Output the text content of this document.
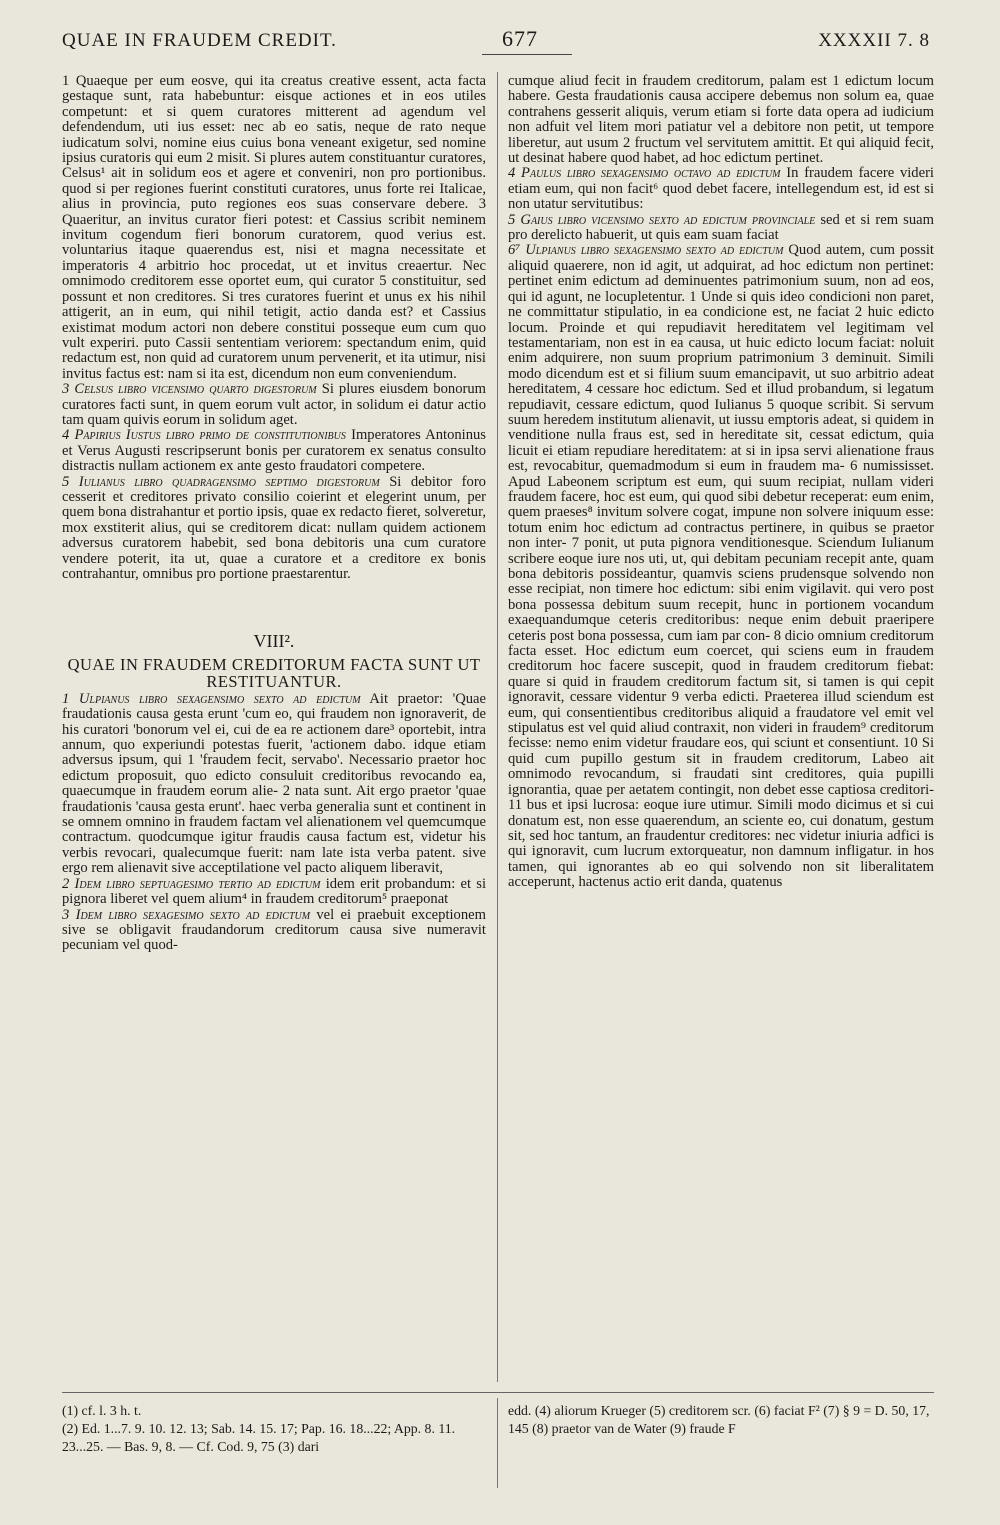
QUAE IN FRAUDEM CREDIT.	677	XXXXII 7. 8

1 Quaeque per eum eosve, qui ita creatus creative essent, acta facta gestaque sunt, rata habebuntur: eisque actiones et in eos utiles competunt: et si quem curatores mitterent ad agendum vel defendendum, uti ius esset: nec ab eo satis, neque de rato neque iudicatum solvi, nomine eius cuius bona veneant exigetur, sed nomine ipsius curatoris qui eum 2 misit. Si plures autem constituantur curatores, Celsus¹ ait in solidum eos et agere et conveniri, non pro portionibus. quod si per regiones fuerint constituti curatores, unus forte rei Italicae, alius in provincia, puto regiones eos suas conservare debere. 3 Quaeritur, an invitus curator fieri potest: et Cassius scribit neminem invitum cogendum fieri bonorum curatorem, quod verius est. voluntarius itaque quaerendus est, nisi et magna necessitate et imperatoris 4 arbitrio hoc procedat, ut et invitus creaertur. Nec omnimodo creditorem esse oportet eum, qui curator 5 constituitur, sed possunt et non creditores. Si tres curatores fuerint et unus ex his nihil attigerit, an in eum, qui nihil tetigit, actio danda est? et Cassius existimat modum actori non debere constitui posseque eum cum quo vult experiri. puto Cassii sententiam veriorem: spectandum enim, quid redactum est, non quid ad curatorem unum pervenerit, et ita utimur, nisi invitus factus est: nam si ita est, dicendum non eum conveniendum.

3 Celsus libro vicensimo quarto digestorum Si plures eiusdem bonorum curatores facti sunt, in quem eorum vult actor, in solidum ei datur actio tam quam quivis eorum in solidum aget.

4 Papirius Iustus libro primo de constitutionibus Imperatores Antoninus et Verus Augusti rescripserunt bonis per curatorem ex senatus consulto distractis nullam actionem ex ante gesto fraudatori competere.

5 Iulianus libro quadragensimo septimo digestorum Si debitor foro cesserit et creditores privato consilio coierint et elegerint unum, per quem bona distrahantur et portio ipsis, quae ex redacto fieret, solveretur, mox exstiterit alius, qui se creditorem dicat: nullam quidem actionem adversus curatorem habebit, sed bona debitoris una cum curatore vendere poterit, ita ut, quae a curatore et a creditore ex bonis contrahantur, omnibus pro portione praestarentur.

VIII².
QUAE IN FRAUDEM CREDITORUM FACTA SUNT UT RESTITUANTUR.

1 Ulpianus libro sexagensimo sexto ad edictum Ait praetor: 'Quae fraudationis causa gesta erunt 'cum eo, qui fraudem non ignoraverit, de his curatori 'bonorum vel ei, cui de ea re actionem dare³ oportebit, intra annum, quo experiundi potestas fuerit, 'actionem dabo. idque etiam adversus ipsum, qui 1 'fraudem fecit, servabo'. Necessario praetor hoc edictum proposuit, quo edicto consuluit creditoribus revocando ea, quaecumque in fraudem eorum alie- 2 nata sunt. Ait ergo praetor 'quae fraudationis 'causa gesta erunt'. haec verba generalia sunt et continent in se omnem omnino in fraudem factam vel alienationem vel quemcumque contractum. quodcumque igitur fraudis causa factum est, videtur his verbis revocari, qualecumque fuerit: nam late ista verba patent. sive ergo rem alienavit sive acceptilatione vel pacto aliquem liberavit,

2 Idem libro septuagesimo tertio ad edictum idem erit probandum: et si pignora liberet vel quem alium⁴ in fraudem creditorum⁵ praeponat

3 Idem libro sexagesimo sexto ad edictum vel ei praebuit exceptionem sive se obligavit fraudandorum creditorum causa sive numeravit pecuniam vel quod-

cumque aliud fecit in fraudem creditorum, palam est 1 edictum locum habere. Gesta fraudationis causa accipere debemus non solum ea, quae contrahens gesserit aliquis, verum etiam si forte data opera ad iudicium non adfuit vel litem mori patiatur vel a debitore non petit, ut tempore liberetur, aut usum 2 fructum vel servitutem amittit. Et qui aliquid fecit, ut desinat habere quod habet, ad hoc edictum pertinet.

4 Paulus libro sexagensimo octavo ad edictum In fraudem facere videri etiam eum, qui non facit⁶ quod debet facere, intellegendum est, id est si non utatur servitutibus:

5 Gaius libro vicensimo sexto ad edictum provinciale sed et si rem suam pro derelicto habuerit, ut quis eam suam faciat

6⁷ Ulpianus libro sexagensimo sexto ad edictum Quod autem, cum possit aliquid quaerere, non id agit, ut adquirat, ad hoc edictum non pertinet: pertinet enim edictum ad deminuentes patrimonium suum, non ad eos, qui id agunt, ne locupletentur. 1 Unde si quis ideo condicioni non paret, ne committatur stipulatio, in ea condicione est, ne faciat 2 huic edicto locum. Proinde et qui repudiavit hereditatem vel legitimam vel testamentariam, non est in ea causa, ut huic edicto locum faciat: noluit enim adquirere, non suum proprium patrimonium 3 deminuit. Simili modo dicendum est et si filium suum emancipavit, ut suo arbitrio adeat hereditatem, 4 cessare hoc edictum. Sed et illud probandum, si legatum repudiavit, cessare edictum, quod Iulianus 5 quoque scribit. Si servum suum heredem institutum alienavit, ut iussu emptoris adeat, si quidem in venditione nulla fraus est, sed in hereditate sit, cessat edictum, quia licuit ei etiam repudiare hereditatem: at si in ipsa servi alienatione fraus est, revocabitur, quemadmodum si eum in fraudem ma- 6 numississet. Apud Labeonem scriptum est eum, qui suum recipiat, nullam videri fraudem facere, hoc est eum, qui quod sibi debetur receperat: eum enim, quem praeses⁸ invitum solvere cogat, impune non solvere iniquum esse: totum enim hoc edictum ad contractus pertinere, in quibus se praetor non inter- 7 ponit, ut puta pignora venditionesque. Sciendum Iulianum scribere eoque iure nos uti, ut, qui debitam pecuniam recepit ante, quam bona debitoris possideantur, quamvis sciens prudensque solvendo non esse recipiat, non timere hoc edictum: sibi enim vigilavit. qui vero post bona possessa debitum suum recepit, hunc in portionem vocandum exaequandumque ceteris creditoribus: neque enim debuit praeripere ceteris post bona possessa, cum iam par con- 8 dicio omnium creditorum facta esset. Hoc edictum eum coercet, qui sciens eum in fraudem creditorum hoc facere suscepit, quod in fraudem creditorum fiebat: quare si quid in fraudem creditorum factum sit, si tamen is qui cepit ignoravit, cessare videntur 9 verba edicti. Praeterea illud sciendum est eum, qui consentientibus creditoribus aliquid a fraudatore vel emit vel stipulatus est vel quid aliud contraxit, non videri in fraudem⁹ creditorum fecisse: nemo enim videtur fraudare eos, qui sciunt et consentiunt. 10 Si quid cum pupillo gestum sit in fraudem creditorum, Labeo ait omnimodo revocandum, si fraudati sint creditores, quia pupilli ignorantia, quae per aetatem contingit, non debet esse captiosa creditori- 11 bus et ipsi lucrosa: eoque iure utimur. Simili modo dicimus et si cui donatum est, non esse quaerendum, an sciente eo, cui donatum, gestum sit, sed hoc tantum, an fraudentur creditores: nec videtur iniuria adfici is qui ignoravit, cum lucrum extorqueatur, non damnum infligatur. in hos tamen, qui ignorantes ab eo qui solvendo non sit liberalitatem acceperunt, hactenus actio erit danda, quatenus

(1) cf. l. 3 h. t.

(2) Ed. 1...7. 9. 10. 12. 13; Sab. 14. 15. 17; Pap. 16. 18...22; App. 8. 11. 23...25. — Bas. 9, 8. — Cf. Cod. 9, 75 (3) dari

edd. (4) aliorum Krueger (5) creditorem scr. (6) faciat F² (7) § 9 = D. 50, 17, 145 (8) praetor van de Water (9) fraude F
